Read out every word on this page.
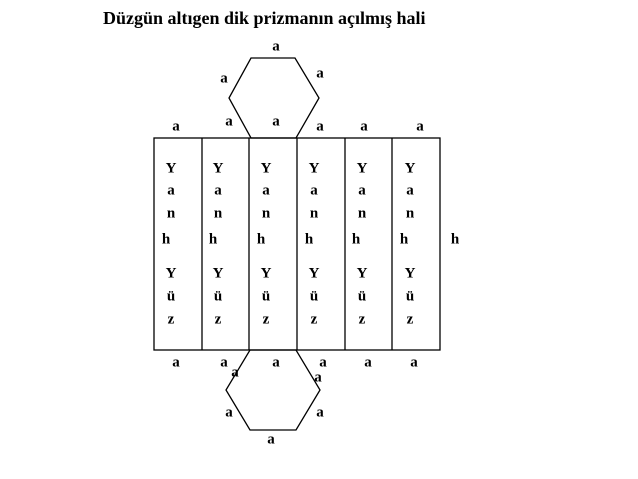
Düzgün altıgen dik prizmanın açılmış hali
a
a	a
a	a
a	a a	a
Y
a
n
h
Y
ü
z
Y
a
n
h
Y
ü
z
Y
a
n
h
Y
ü
z
Y
a
n
h
Y
ü
z
Y
a
n
h
Y
ü
z
Y
a
n
h
Y
ü
z
h
a	a	a	a	a	a
a	a
a	a
a
